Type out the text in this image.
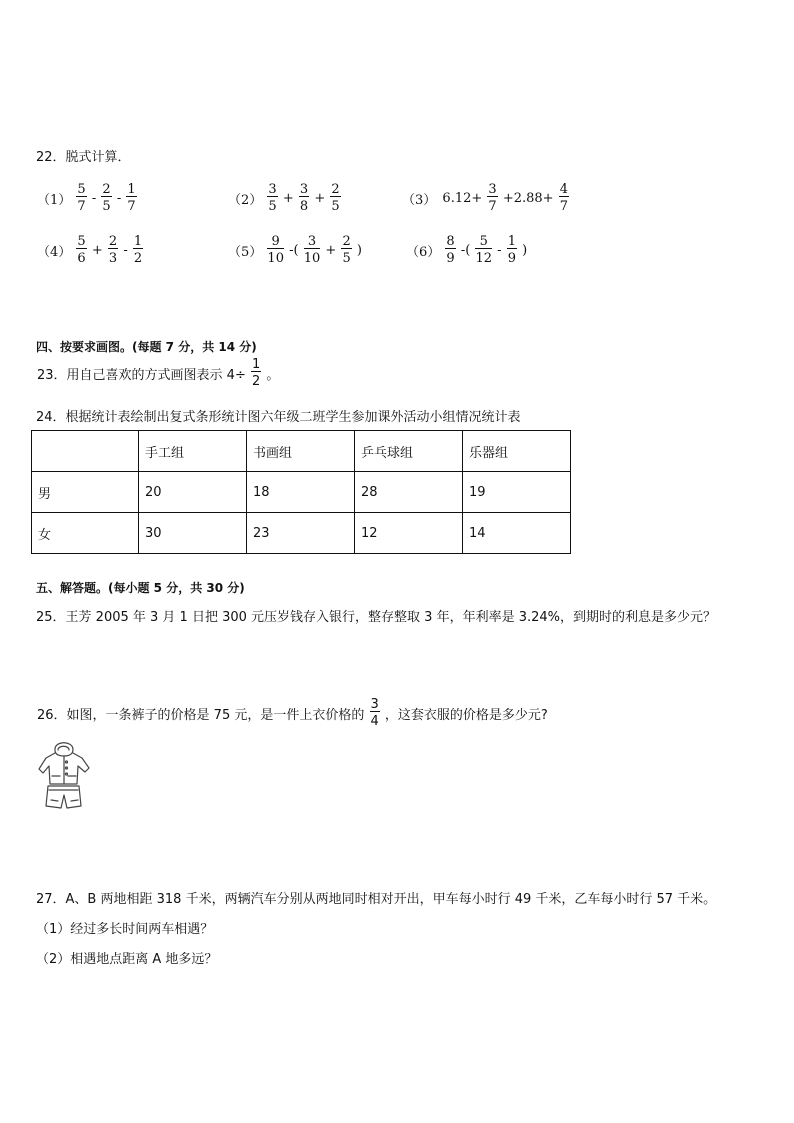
22．脱式计算．
$(1) \frac{5}{7} - \frac{2}{5} - \frac{1}{7}$	$(2) \frac{3}{5} + \frac{3}{8} + \frac{2}{5}$	（3） $6.12+ \frac{3}{7} +2.88+ \frac{4}{7}$
$(4) \frac{5}{6} + \frac{2}{3} - \frac{1}{2}$	$(5) \frac{9}{10}$ -( $\frac{3}{10} + \frac{2}{5}$ )	$(6) \frac{8}{9}$ -( $\frac{5}{12} - \frac{1}{9}$ )
四、按要求画图。(每题 7 分，共 14 分)
23．用自己喜欢的方式画图表示 $4\div \frac{1}{2}$ 。
24．根据统计表绘制出复式条形统计图六年级二班学生参加课外活动小组情况统计表
	手工组	书画组	乒乓球组	乐器组
男	20	18	28	19
女	30	23	12	14
五、解答题。(每小题 5 分，共 30 分)
25．王芳 2005 年 3 月 1 日把 300 元压岁钱存入银行，整存整取 3 年，年利率是 3.24%，到期时的利息是多少元？
26．如图，一条裤子的价格是 75 元，是一件上衣价格的 $\frac{3}{4}$ ，这套衣服的价格是多少元?
27．A、B 两地相距 318 千米，两辆汽车分别从两地同时相对开出，甲车每小时行 49 千米，乙车每小时行 57 千米。
（1）经过多长时间两车相遇？
（2）相遇地点距离 A 地多远？
